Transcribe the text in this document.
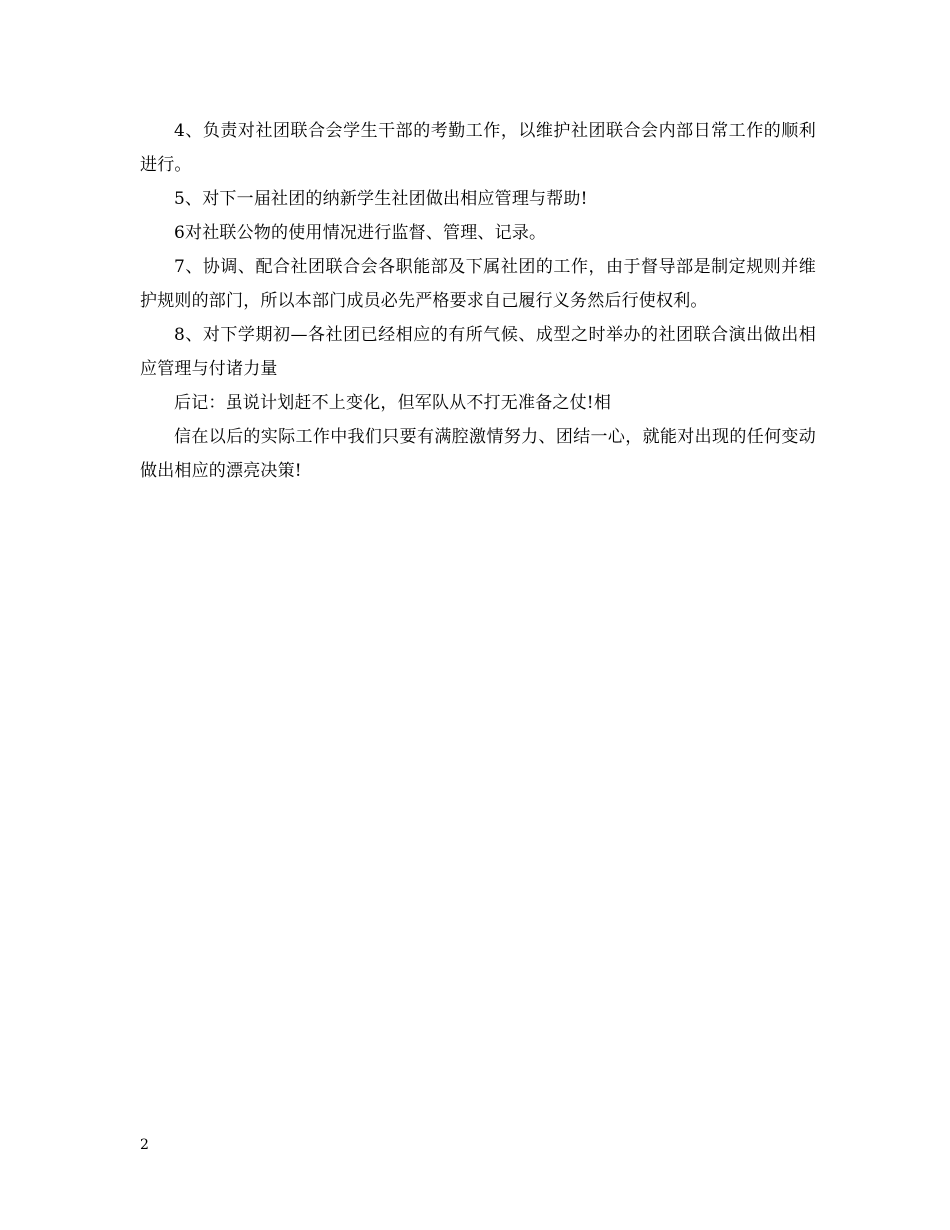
4、负责对社团联合会学生干部的考勤工作，以维护社团联合会内部日常工作的顺利进行。

5、对下一届社团的纳新学生社团做出相应管理与帮助!

6对社联公物的使用情况进行监督、管理、记录。

7、协调、配合社团联合会各职能部及下属社团的工作，由于督导部是制定规则并维护规则的部门，所以本部门成员必先严格要求自己履行义务然后行使权利。

8、对下学期初—各社团已经相应的有所气候、成型之时举办的社团联合演出做出相应管理与付诸力量

后记：虽说计划赶不上变化，但军队从不打无准备之仗!相

信在以后的实际工作中我们只要有满腔激情努力、团结一心，就能对出现的任何变动做出相应的漂亮决策!

2
